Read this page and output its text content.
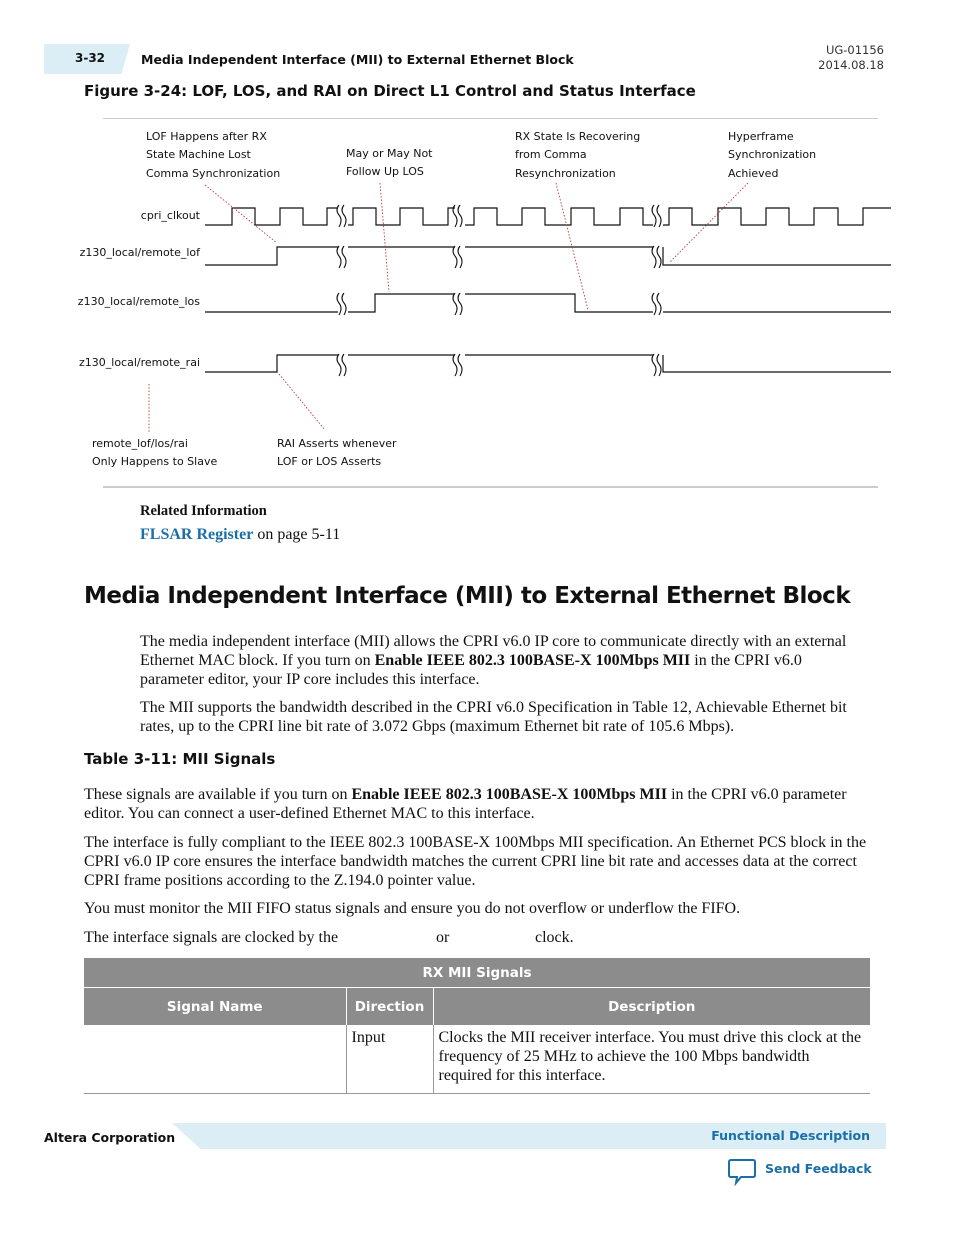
3-32	Media Independent Interface (MII) to External Ethernet Block
UG-01156
2014.08.18
Figure 3-24: LOF, LOS, and RAI on Direct L1 Control and Status Interface
LOF Happens after RX
State Machine Lost
Comma Synchronization
May or May Not
Follow Up LOS
RX State Is Recovering
from Comma
Resynchronization
Hyperframe
Synchronization
Achieved
remote_lof/los/rai
Only Happens to Slave
RAI Asserts whenever
LOF or LOS Asserts
cpri_clkout
z130_local/remote_lof
z130_local/remote_los
z130_local/remote_rai
Related Information
FLSAR Register on page 5-11
Media Independent Interface (MII) to External Ethernet Block
The media independent interface (MII) allows the CPRI v6.0 IP core to communicate directly with an external Ethernet MAC block. If you turn on Enable IEEE 802.3 100BASE-X 100Mbps MII in the CPRI v6.0 parameter editor, your IP core includes this interface.
The MII supports the bandwidth described in the CPRI v6.0 Specification in Table 12, Achievable Ethernet bit rates, up to the CPRI line bit rate of 3.072 Gbps (maximum Ethernet bit rate of 105.6 Mbps).
Table 3-11: MII Signals
These signals are available if you turn on Enable IEEE 802.3 100BASE-X 100Mbps MII in the CPRI v6.0 parameter editor. You can connect a user-defined Ethernet MAC to this interface.
The interface is fully compliant to the IEEE 802.3 100BASE-X 100Mbps MII specification. An Ethernet PCS block in the CPRI v6.0 IP core ensures the interface bandwidth matches the current CPRI line bit rate and accesses data at the correct CPRI frame positions according to the Z.194.0 pointer value.
You must monitor the MII FIFO status signals and ensure you do not overflow or underflow the FIFO.
The interface signals are clocked by the	or	clock.
RX MII Signals		
Signal Name	Direction	Description
	Input	Clocks the MII receiver interface. You must drive this clock at the frequency of 25 MHz to achieve the 100 Mbps bandwidth required for this interface.
Altera Corporation	Functional Description
Send Feedback
